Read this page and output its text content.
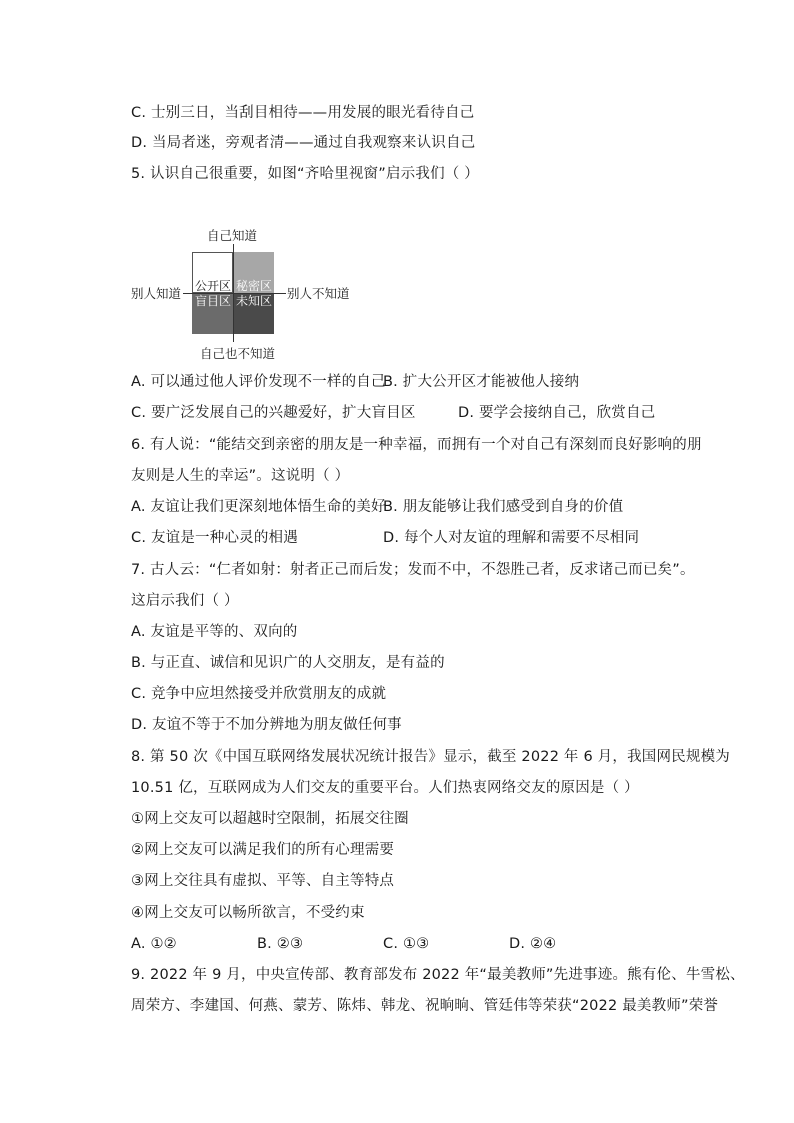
C. 士别三日，当刮目相待——用发展的眼光看待自己
D. 当局者迷，旁观者清——通过自我观察来认识自己
5. 认识自己很重要，如图“齐哈里视窗”启示我们（ ）
自己知道
自己也不知道
别人知道	别人不知道
公开区 秘密区
盲目区 未知区
A. 可以通过他人评价发现不一样的自己
B. 扩大公开区才能被他人接纳
C. 要广泛发展自己的兴趣爱好，扩大盲目区	D. 要学会接纳自己，欣赏自己
6. 有人说：“能结交到亲密的朋友是一种幸福，而拥有一个对自己有深刻而良好影响的朋
友则是人生的幸运”。这说明（ ）
A. 友谊让我们更深刻地体悟生命的美好
B. 朋友能够让我们感受到自身的价值
C. 友谊是一种心灵的相遇	D. 每个人对友谊的理解和需要不尽相同
7. 古人云：“仁者如射：射者正己而后发；发而不中，不怨胜己者，反求诸己而已矣”。
这启示我们（ ）
A. 友谊是平等的、双向的
B. 与正直、诚信和见识广的人交朋友，是有益的
C. 竞争中应坦然接受并欣赏朋友的成就
D. 友谊不等于不加分辨地为朋友做任何事
8. 第 50 次《中国互联网络发展状况统计报告》显示，截至 2022 年 6 月，我国网民规模为
10.51 亿，互联网成为人们交友的重要平台。人们热衷网络交友的原因是（ ）
①网上交友可以超越时空限制，拓展交往圈
②网上交友可以满足我们的所有心理需要
③网上交往具有虚拟、平等、自主等特点
④网上交友可以畅所欲言，不受约束
A. ①②	B. ②③	C. ①③	D. ②④
9. 2022 年 9 月，中央宣传部、教育部发布 2022 年“最美教师”先进事迹。熊有伦、牛雪松、
周荣方、李建国、何燕、蒙芳、陈炜、韩龙、祝晌晌、管廷伟等荣获“2022 最美教师”荣誉
